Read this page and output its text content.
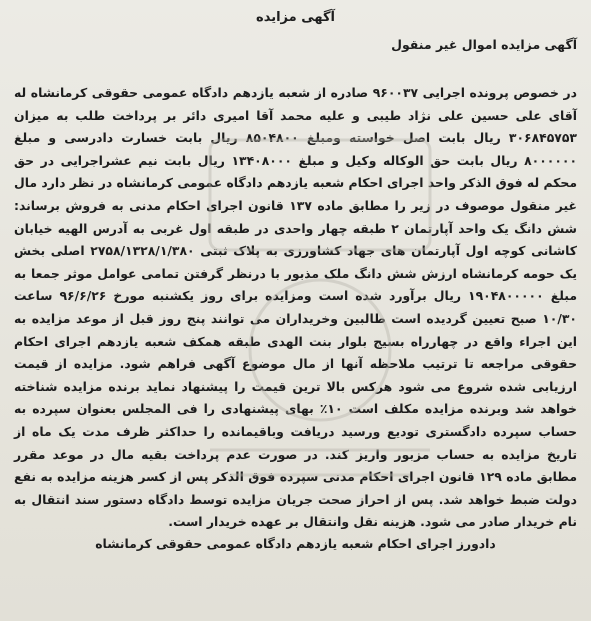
آگهی مزایده
آگهی مزایده اموال غیر منقول
در خصوص پرونده اجرایی ۹۶۰۰۳۷ صادره از شعبه یازدهم دادگاه عمومی حقوقی کرمانشاه له آقای علی حسین علی نژاد طیبی و علیه محمد آقا امیری دائر بر پرداخت طلب به میزان ۳۰۶۸۴۵۷۵۳ ریال بابت اصل خواسته ومبلغ ۸۵۰۴۸۰۰ ریال بابت خسارت دادرسی و مبلغ ۸۰۰۰۰۰۰ ریال بابت حق الوکاله وکیل و مبلغ ۱۳۴۰۸۰۰۰ ریال بابت نیم عشراجرایی در حق محکم له فوق الذکر واحد اجرای احکام شعبه یازدهم دادگاه عمومی کرمانشاه در نظر دارد مال غیر منقول موصوف در زیر را مطابق ماده ۱۳۷ قانون اجرای احکام مدنی به فروش برساند: شش دانگ یک واحد آپارتمان ۲ طبقه چهار واحدی در طبقه اول غربی به آدرس الهیه خیابان کاشانی کوچه اول آپارتمان های جهاد کشاورزی به پلاک ثبتی ۲۷۵۸/۱۳۲۸/۱/۳۸۰ اصلی بخش یک حومه کرمانشاه ارزش شش دانگ ملک مذبور با درنظر گرفتن تمامی عوامل موثر جمعا به مبلغ ۱۹۰۴۸۰۰۰۰۰ ریال برآورد شده است ومزایده برای روز یکشنبه مورخ ۹۶/۶/۲۶ ساعت ۱۰/۳۰ صبح تعیین گردیده است طالبین وخریداران می توانند پنج روز قبل از موعد مزایده به این اجراء واقع در چهارراه بسیج بلوار بنت الهدی طبقه همکف شعبه یازدهم اجرای احکام حقوقی مراجعه تا ترتیب ملاحظه آنها از مال موضوع آگهی فراهم شود. مزایده از قیمت ارزیابی شده شروع می شود هرکس بالا ترین قیمت را پیشنهاد نماید برنده مزایده شناخته خواهد شد وبرنده مزایده مکلف است ۱۰٪ بهای پیشنهادی را فی المجلس بعنوان سپرده به حساب سپرده دادگستری تودیع ورسید دریافت وباقیمانده را حداکثر ظرف مدت یک ماه از تاریخ مزایده به حساب مزبور واریز کند. در صورت عدم پرداخت بقیه مال در موعد مقرر مطابق ماده ۱۲۹ قانون اجرای احکام مدنی سپرده فوق الذکر پس از کسر هزینه مزایده به نفع دولت ضبط خواهد شد. پس از احراز صحت جریان مزایده توسط دادگاه دستور سند انتقال به نام خریدار صادر می شود. هزینه نقل وانتقال بر عهده خریدار است.
دادورز اجرای احکام شعبه یازدهم دادگاه عمومی حقوقی کرمانشاه
